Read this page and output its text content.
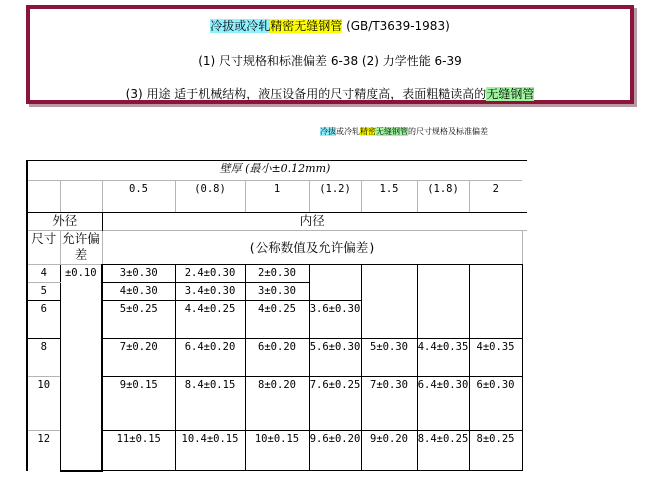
冷拔或冷轧精密无缝钢管 (GB/T3639-1983)
(1) 尺寸规格和标准偏差 6-38 (2) 力学性能 6-39
(3) 用途 适于机械结构，液压设备用的尺寸精度高，表面粗糙读高的无缝钢管
冷拔或冷轧精密无缝钢管的尺寸规格及标准偏差
壁厚 (最小±0.12mm)									
		0.5	(0.8)	1	(1.2)	1.5	(1.8)	2	
外径		内径							
尺寸	允许偏差	(公称数值及允许偏差)							
4	±0.10	3±0.30	2.4±0.30	2±0.30					
5		4±0.30	3.4±0.30	3±0.30					
6		5±0.25	4.4±0.25	4±0.25	3.6±0.30				
8		7±0.20	6.4±0.20	6±0.20	5.6±0.30	5±0.30	4.4±0.35	4±0.35	
10		9±0.15	8.4±0.15	8±0.20	7.6±0.25	7±0.30	6.4±0.30	6±0.30	
12		11±0.15	10.4±0.15	10±0.15	9.6±0.20	9±0.20	8.4±0.25	8±0.25	
